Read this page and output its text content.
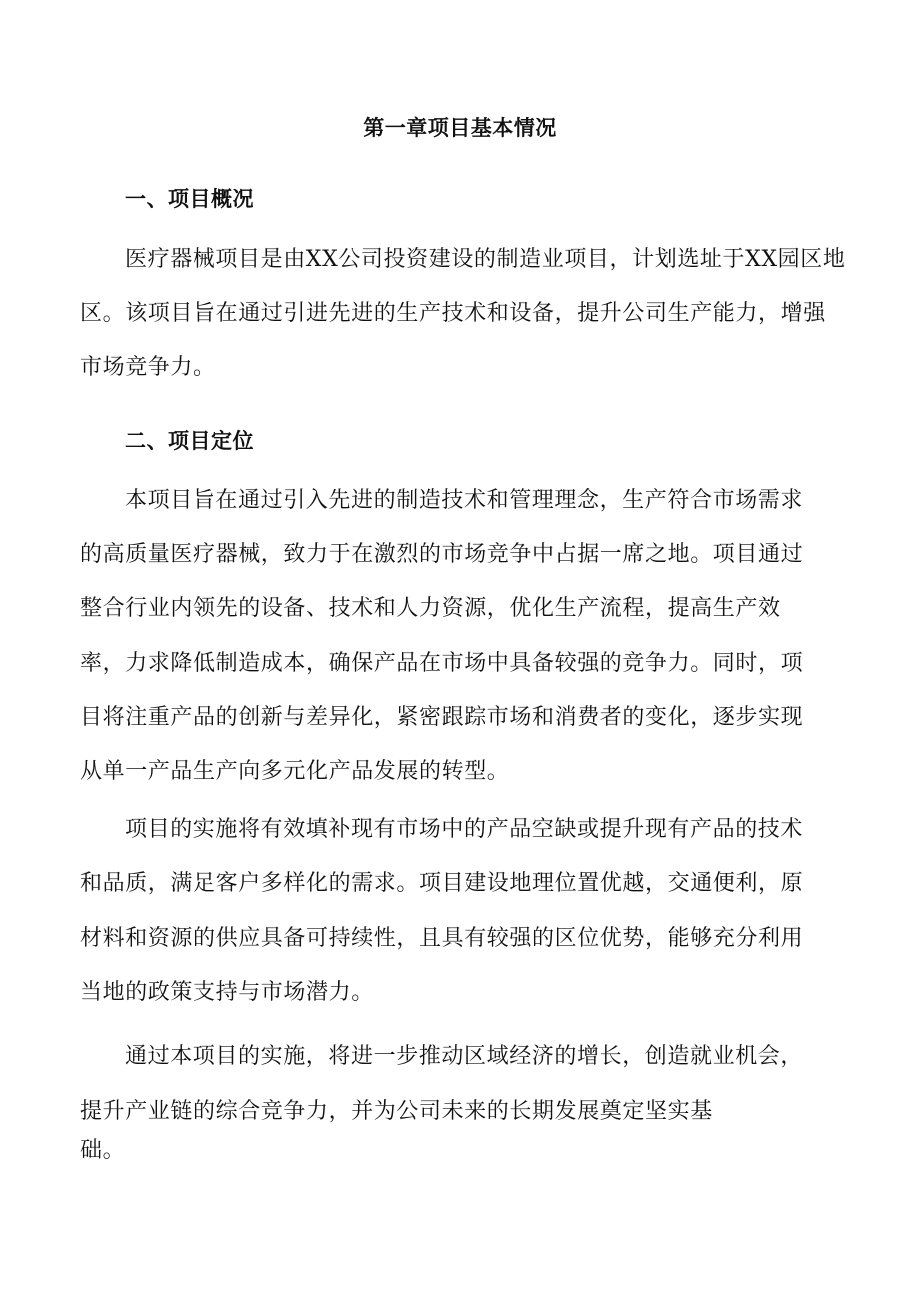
第一章项目基本情况
一、项目概况
医疗器械项目是由XX公司投资建设的制造业项目，计划选址于XX园区地
区。该项目旨在通过引进先进的生产技术和设备，提升公司生产能力，增强
市场竞争力。
二、项目定位
本项目旨在通过引入先进的制造技术和管理理念，生产符合市场需求
的高质量医疗器械，致力于在激烈的市场竞争中占据一席之地。项目通过
整合行业内领先的设备、技术和人力资源，优化生产流程，提高生产效
率，力求降低制造成本，确保产品在市场中具备较强的竞争力。同时，项
目将注重产品的创新与差异化，紧密跟踪市场和消费者的变化，逐步实现
从单一产品生产向多元化产品发展的转型。
项目的实施将有效填补现有市场中的产品空缺或提升现有产品的技术
和品质，满足客户多样化的需求。项目建设地理位置优越，交通便利，原
材料和资源的供应具备可持续性，且具有较强的区位优势，能够充分利用
当地的政策支持与市场潜力。
通过本项目的实施，将进一步推动区域经济的增长，创造就业机会，
提升产业链的综合竞争力，并为公司未来的长期发展奠定坚实基
础。
